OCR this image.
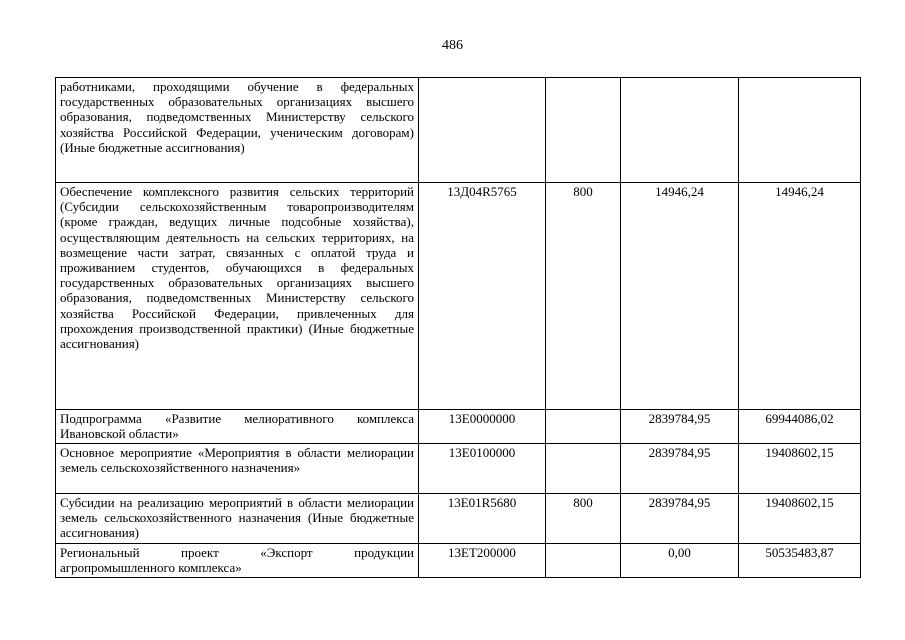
486
работниками, проходящими обучение в федеральных государственных образовательных организациях высшего образования, подведомственных Министерству сельского хозяйства Российской Федерации, ученическим договорам) (Иные бюджетные ассигнования)				
Обеспечение комплексного развития сельских территорий (Субсидии сельскохозяйственным товаропроизводителям (кроме граждан, ведущих личные подсобные хозяйства), осуществляющим деятельность на сельских территориях, на возмещение части затрат, связанных с оплатой труда и проживанием студентов, обучающихся в федеральных государственных образовательных организациях высшего образования, подведомственных Министерству сельского хозяйства Российской Федерации, привлеченных для прохождения производственной практики) (Иные бюджетные ассигнования)	13Д04R5765	800	14946,24	14946,24
Подпрограмма «Развитие мелиоративного комплекса Ивановской области»	13Е0000000		2839784,95	69944086,02
Основное мероприятие «Мероприятия в области мелиорации земель сельскохозяйственного назначения»	13Е0100000		2839784,95	19408602,15
Субсидии на реализацию мероприятий в области мелиорации земель сельскохозяйственного назначения (Иные бюджетные ассигнования)	13Е01R5680	800	2839784,95	19408602,15
Региональный проект «Экспорт продукции агропромышленного комплекса»	13ЕТ200000		0,00	50535483,87
